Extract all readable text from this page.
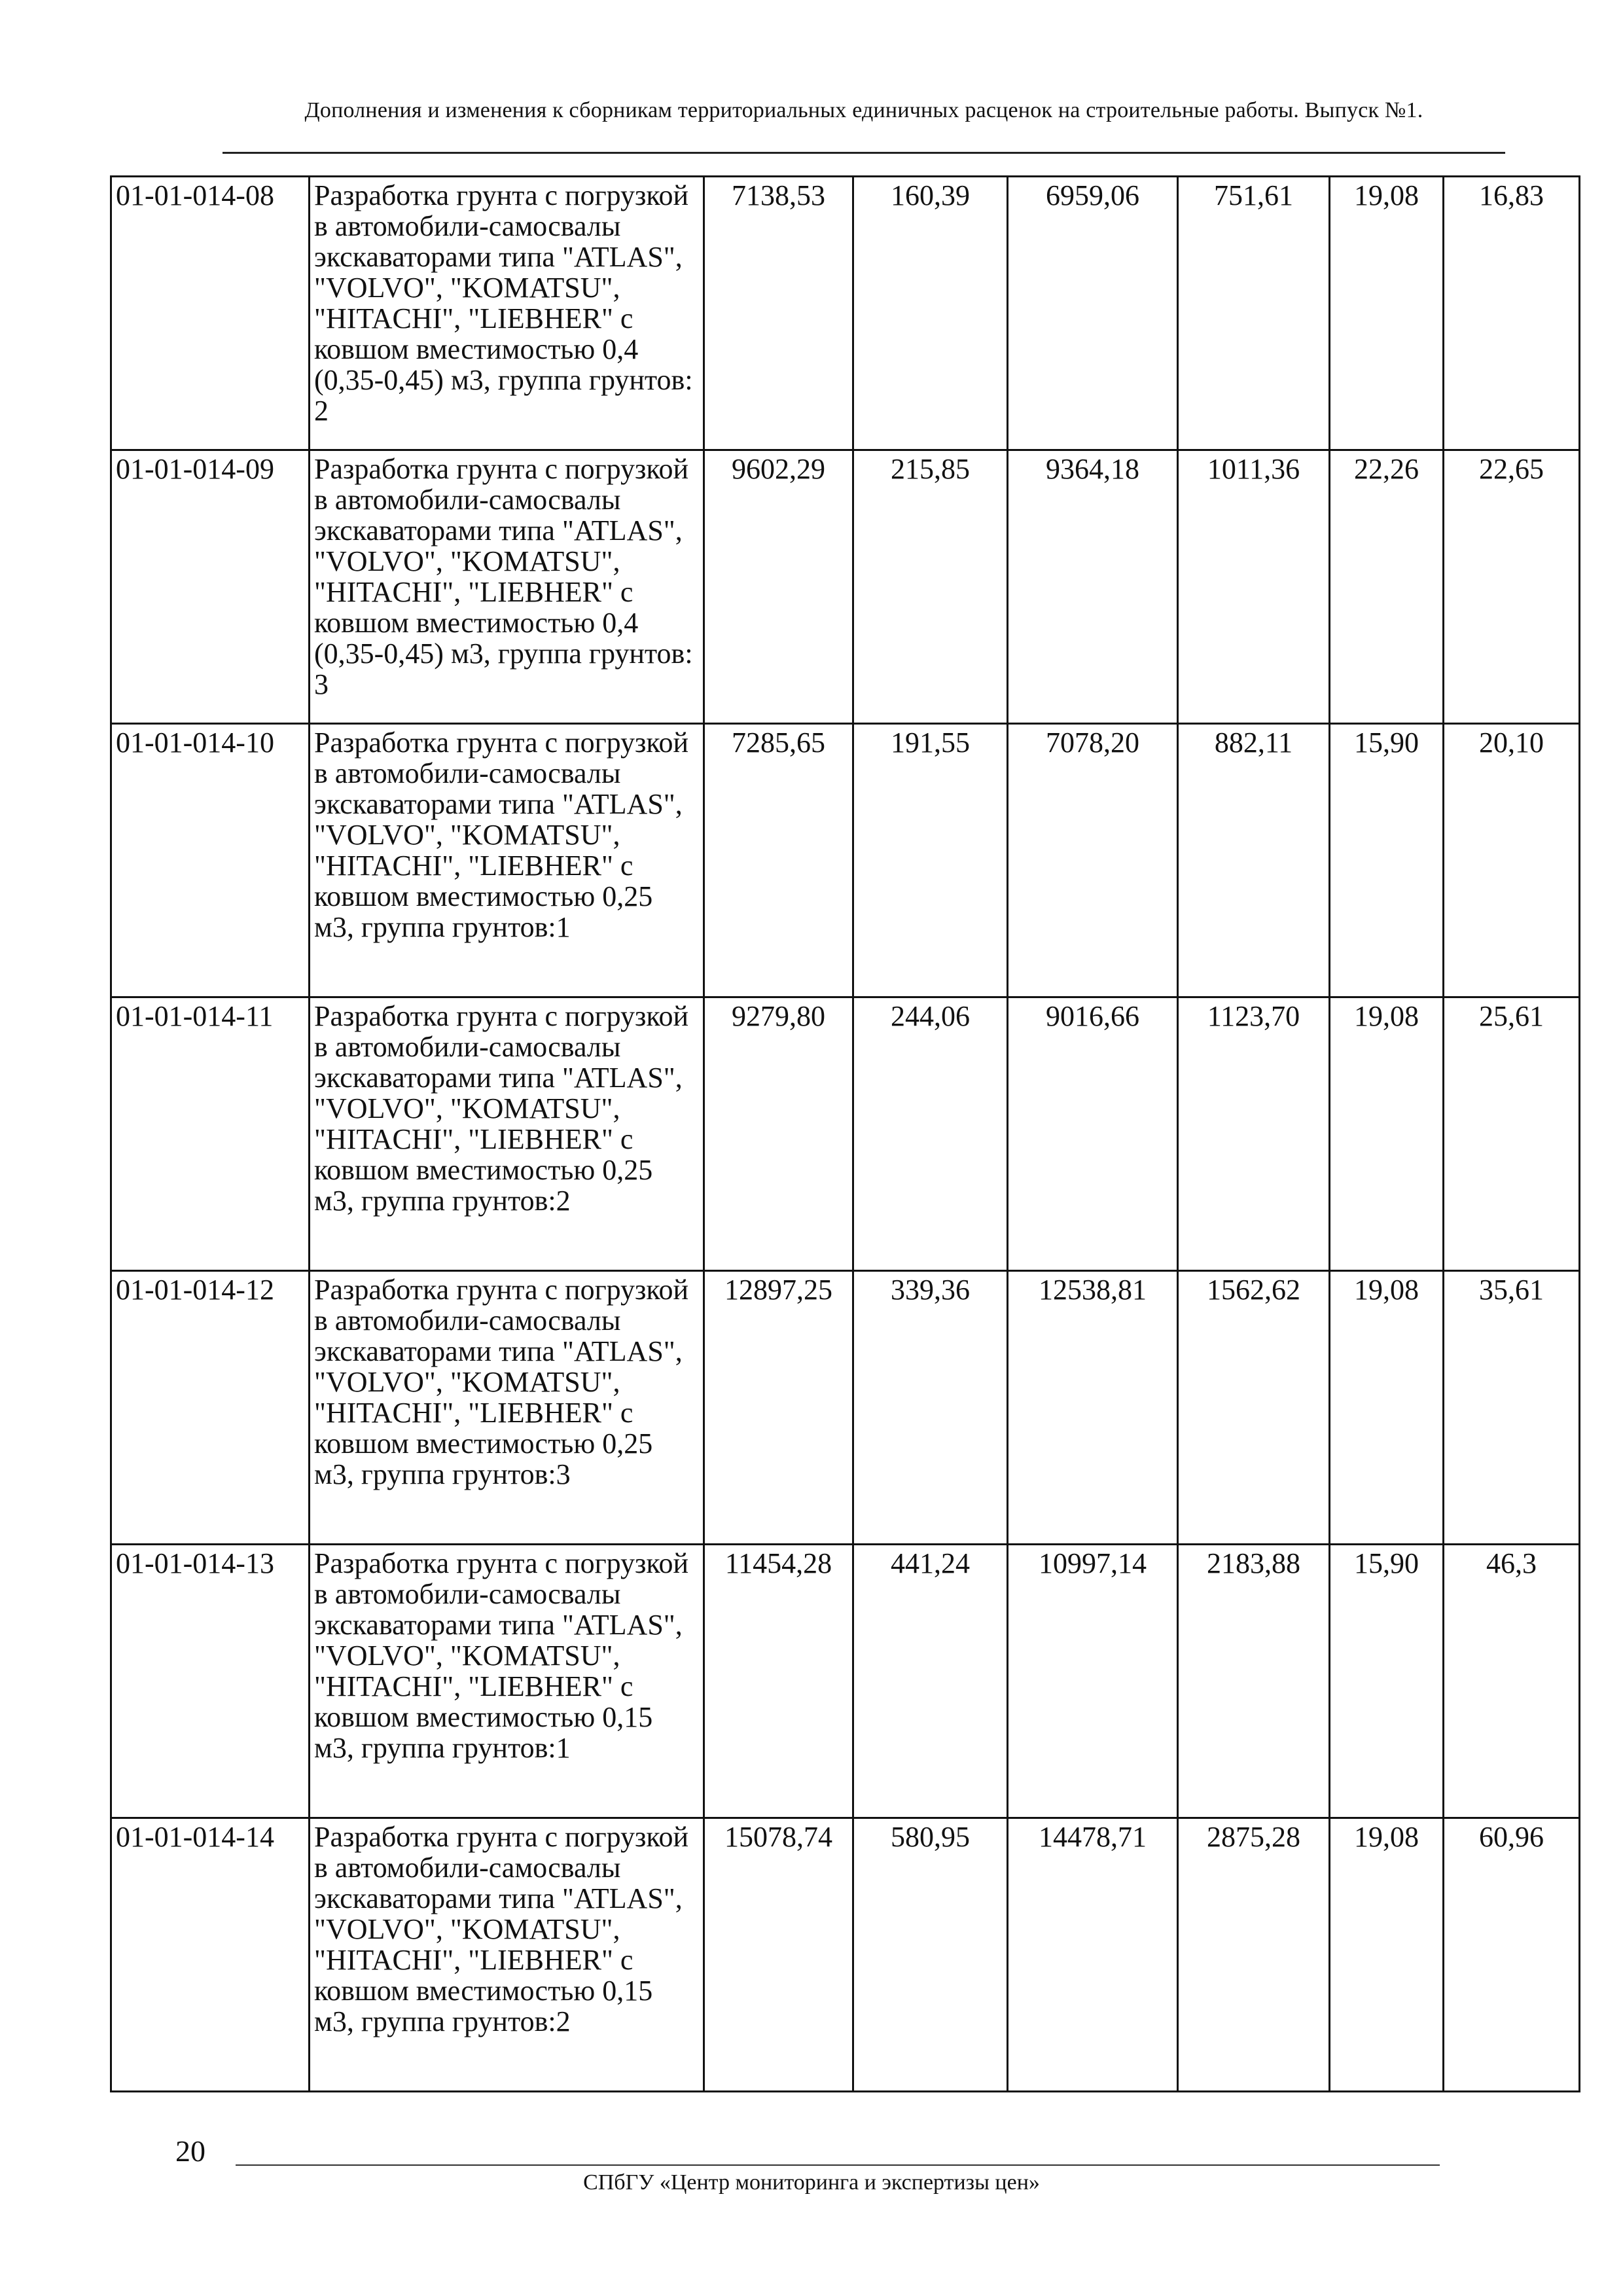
Дополнения и изменения к сборникам территориальных единичных расценок на строительные работы. Выпуск №1.
01-01-014-08	Разработка грунта с погрузкой в автомобили-самосвалы экскаваторами типа "ATLAS", "VOLVO", "KOMATSU", "HITACHI", "LIEBHER" с ковшом вместимостью 0,4 (0,35-0,45) м3, группа грунтов: 2	7138,53	160,39	6959,06	751,61	19,08	16,83
01-01-014-09	Разработка грунта с погрузкой в автомобили-самосвалы экскаваторами типа "ATLAS", "VOLVO", "KOMATSU", "HITACHI", "LIEBHER" с ковшом вместимостью 0,4 (0,35-0,45) м3, группа грунтов: 3	9602,29	215,85	9364,18	1011,36	22,26	22,65
01-01-014-10	Разработка грунта с погрузкой в автомобили-самосвалы экскаваторами типа "ATLAS", "VOLVO", "KOMATSU", "HITACHI", "LIEBHER" с ковшом вместимостью 0,25 м3, группа грунтов:1	7285,65	191,55	7078,20	882,11	15,90	20,10
01-01-014-11	Разработка грунта с погрузкой в автомобили-самосвалы экскаваторами типа "ATLAS", "VOLVO", "KOMATSU", "HITACHI", "LIEBHER" с ковшом вместимостью 0,25 м3, группа грунтов:2	9279,80	244,06	9016,66	1123,70	19,08	25,61
01-01-014-12	Разработка грунта с погрузкой в автомобили-самосвалы экскаваторами типа "ATLAS", "VOLVO", "KOMATSU", "HITACHI", "LIEBHER" с ковшом вместимостью 0,25 м3, группа грунтов:3	12897,25	339,36	12538,81	1562,62	19,08	35,61
01-01-014-13	Разработка грунта с погрузкой в автомобили-самосвалы экскаваторами типа "ATLAS", "VOLVO", "KOMATSU", "HITACHI", "LIEBHER" с ковшом вместимостью 0,15 м3, группа грунтов:1	11454,28	441,24	10997,14	2183,88	15,90	46,3
01-01-014-14	Разработка грунта с погрузкой в автомобили-самосвалы экскаваторами типа "ATLAS", "VOLVO", "KOMATSU", "HITACHI", "LIEBHER" с ковшом вместимостью 0,15 м3, группа грунтов:2	15078,74	580,95	14478,71	2875,28	19,08	60,96
20
СПбГУ «Центр мониторинга и экспертизы цен»
